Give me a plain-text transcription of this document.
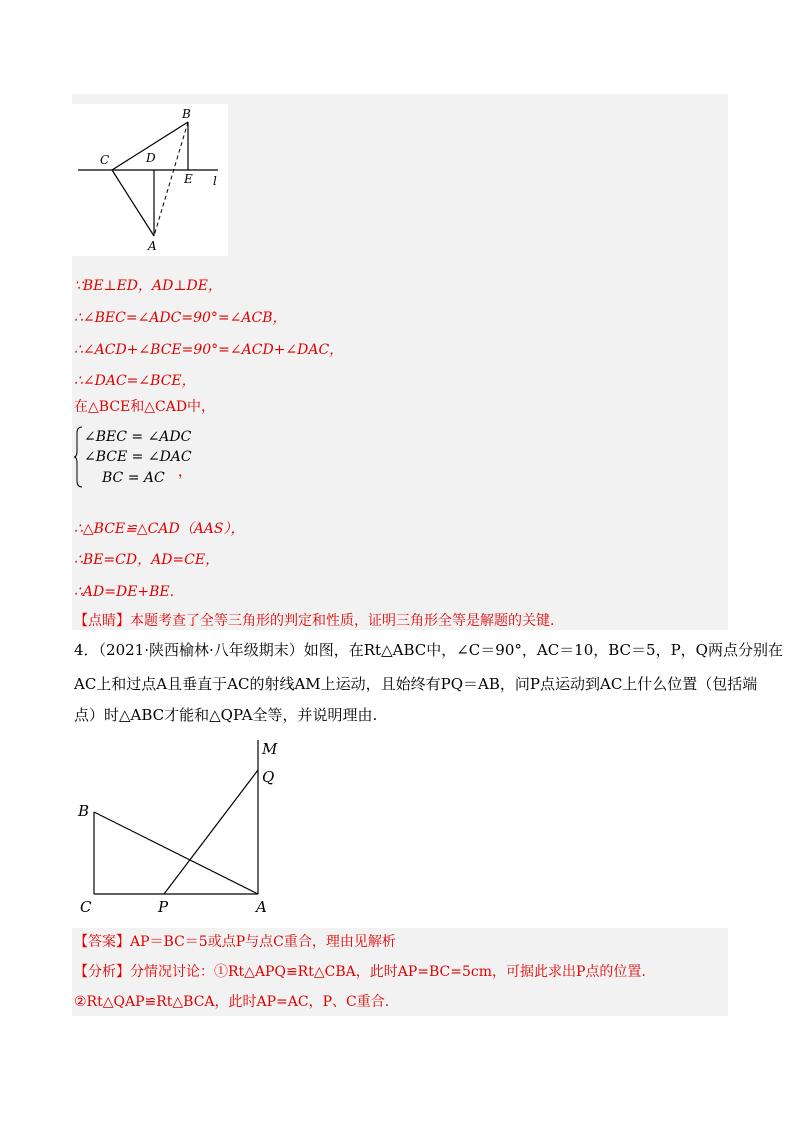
B
C	D
E l
A
∵BE⊥ED，AD⊥DE，
∴∠BEC=∠ADC=90°=∠ACB，
∴∠ACD+∠BCE=90°=∠ACD+∠DAC，
∴∠DAC=∠BCE，
在△BCE和△CAD中，
∠BEC = ∠ADC
∠BCE = ∠DAC
BC = AC ，
∴△BCE≌△CAD（AAS），
∴BE=CD，AD=CE，
∴AD=DE+BE.
【点睛】本题考查了全等三角形的判定和性质，证明三角形全等是解题的关键.
4．（2021·陕西榆林·八年级期末）如图，在Rt△ABC中，∠C＝90°，AC＝10，BC＝5，P，Q两点分别在
AC上和过点A且垂直于AC的射线AM上运动，且始终有PQ＝AB，问P点运动到AC上什么位置（包括端
点）时△ABC才能和△QPA全等，并说明理由.
M
Q
B
C	P	A
【答案】AP＝BC＝5或点P与点C重合，理由见解析
【分析】分情况讨论：①Rt△APQ≌Rt△CBA，此时AP=BC=5cm，可据此求出P点的位置.
②Rt△QAP≌Rt△BCA，此时AP=AC，P、C重合.
